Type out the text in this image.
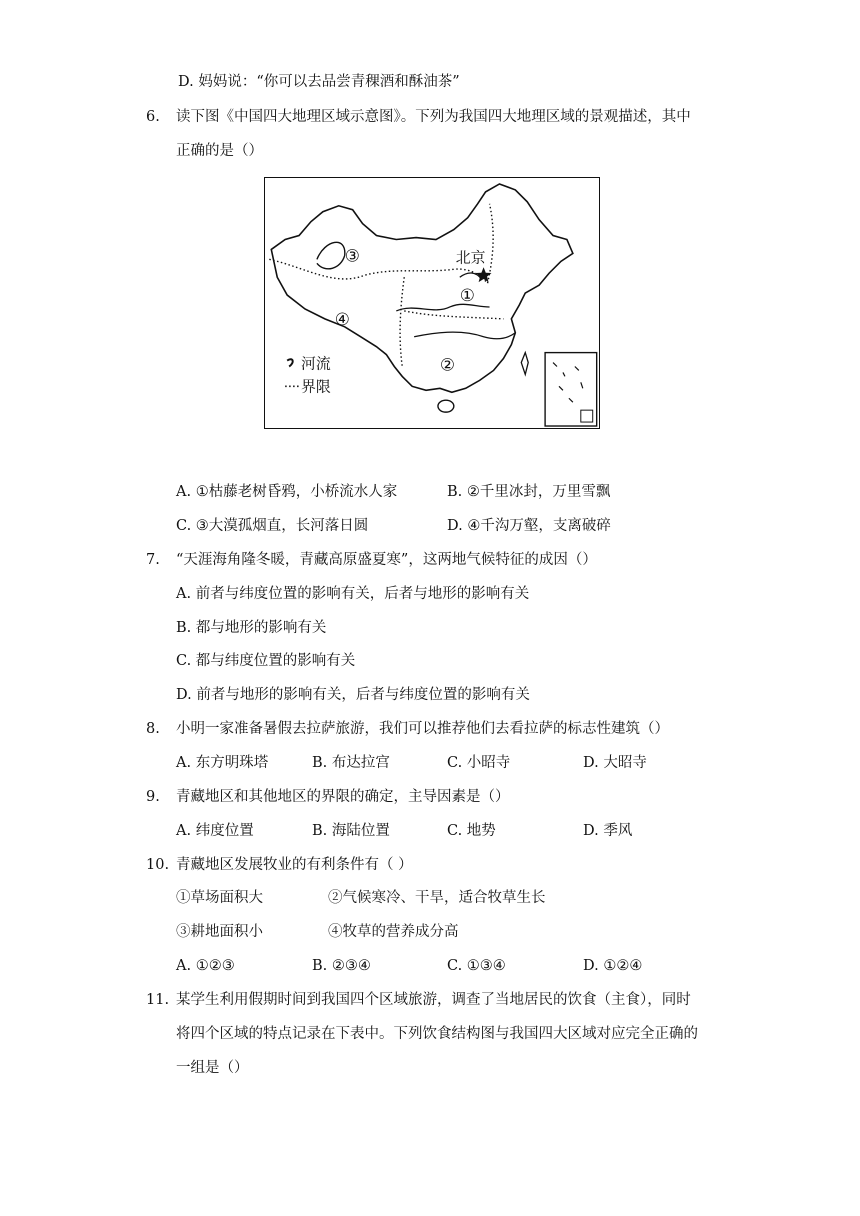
D. 妈妈说：“你可以去品尝青稞酒和酥油茶”
6. 读下图《中国四大地理区域示意图》。下列为我国四大地理区域的景观描述，其中
正确的是（）
北京
①
②
③
④
河流
界限
A. ①枯藤老树昏鸦，小桥流水人家	B. ②千里冰封，万里雪飘
C. ③大漠孤烟直，长河落日圆	D. ④千沟万壑，支离破碎
7. “天涯海角隆冬暖，青藏高原盛夏寒”，这两地气候特征的成因（）
A. 前者与纬度位置的影响有关，后者与地形的影响有关
B. 都与地形的影响有关
C. 都与纬度位置的影响有关
D. 前者与地形的影响有关，后者与纬度位置的影响有关
8. 小明一家准备暑假去拉萨旅游，我们可以推荐他们去看拉萨的标志性建筑（）
A. 东方明珠塔	B. 布达拉宫	C. 小昭寺	D. 大昭寺
9. 青藏地区和其他地区的界限的确定，主导因素是（）
A. 纬度位置	B. 海陆位置	C. 地势	D. 季风
10. 青藏地区发展牧业的有利条件有（ ）
①草场面积大	②气候寒冷、干旱，适合牧草生长
③耕地面积小	④牧草的营养成分高
A. ①②③	B. ②③④	C. ①③④	D. ①②④
11. 某学生利用假期时间到我国四个区域旅游，调查了当地居民的饮食（主食），同时
将四个区域的特点记录在下表中。下列饮食结构图与我国四大区域对应完全正确的
一组是（）
